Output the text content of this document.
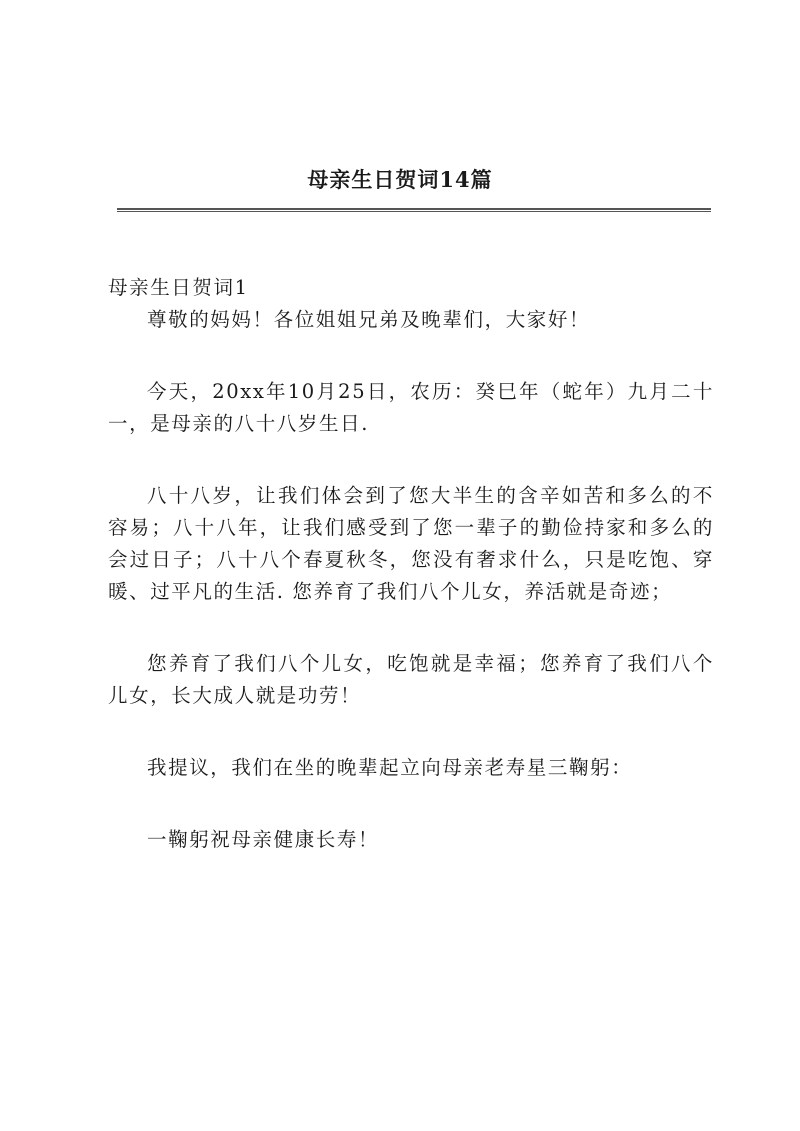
母亲生日贺词14篇
母亲生日贺词1

尊敬的妈妈！各位姐姐兄弟及晚辈们，大家好！

今天，20xx年10月25日，农历：癸巳年（蛇年）九月二十一，是母亲的八十八岁生日.

八十八岁，让我们体会到了您大半生的含辛如苦和多么的不容易；八十八年，让我们感受到了您一辈子的勤俭持家和多么的会过日子；八十八个春夏秋冬，您没有奢求什么，只是吃饱、穿暖、过平凡的生活. 您养育了我们八个儿女，养活就是奇迹；

您养育了我们八个儿女，吃饱就是幸福；您养育了我们八个儿女，长大成人就是功劳！

我提议，我们在坐的晚辈起立向母亲老寿星三鞠躬：

一鞠躬祝母亲健康长寿！
